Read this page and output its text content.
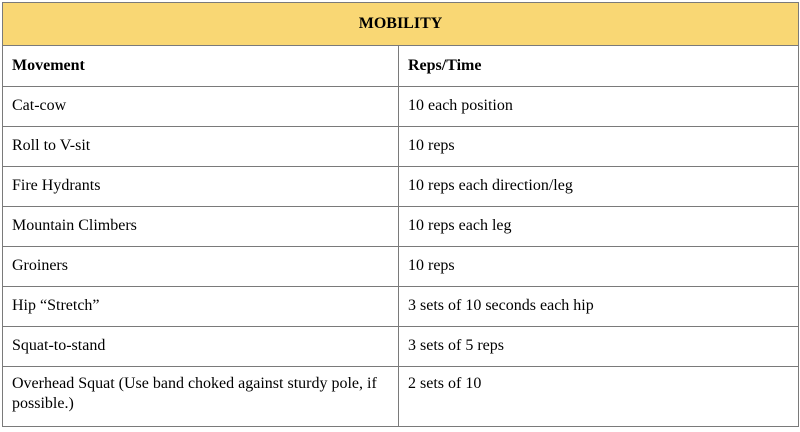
MOBILITY	
Movement	Reps/Time
Cat-cow	10 each position
Roll to V-sit	10 reps
Fire Hydrants	10 reps each direction/leg
Mountain Climbers	10 reps each leg
Groiners	10 reps
Hip “Stretch”	3 sets of 10 seconds each hip
Squat-to-stand	3 sets of 5 reps
Overhead Squat (Use band choked against sturdy pole, if possible.)	2 sets of 10
